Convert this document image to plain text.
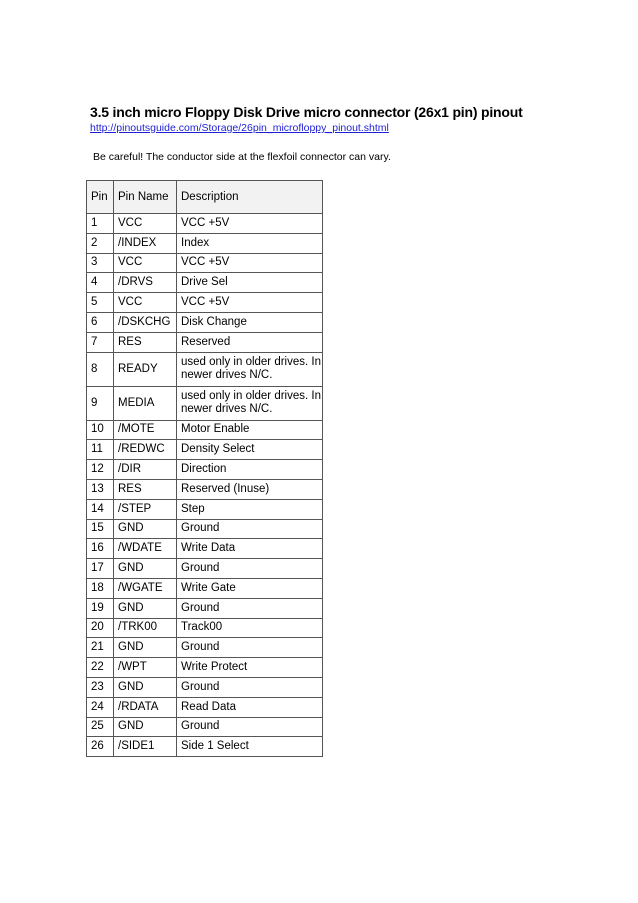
3.5 inch micro Floppy Disk Drive micro connector (26x1 pin) pinout
http://pinoutsguide.com/Storage/26pin_microfloppy_pinout.shtml
Be careful! The conductor side at the flexfoil connector can vary.
Pin	Pin Name	Description
1	VCC	VCC +5V
2	/INDEX	Index
3	VCC	VCC +5V
4	/DRVS	Drive Sel
5	VCC	VCC +5V
6	/DSKCHG	Disk Change
7	RES	Reserved
8	READY	used only in older drives. In newer drives N/C.
9	MEDIA	used only in older drives. In newer drives N/C.
10	/MOTE	Motor Enable
11	/REDWC	Density Select
12	/DIR	Direction
13	RES	Reserved (Inuse)
14	/STEP	Step
15	GND	Ground
16	/WDATE	Write Data
17	GND	Ground
18	/WGATE	Write Gate
19	GND	Ground
20	/TRK00	Track00
21	GND	Ground
22	/WPT	Write Protect
23	GND	Ground
24	/RDATA	Read Data
25	GND	Ground
26	/SIDE1	Side 1 Select
